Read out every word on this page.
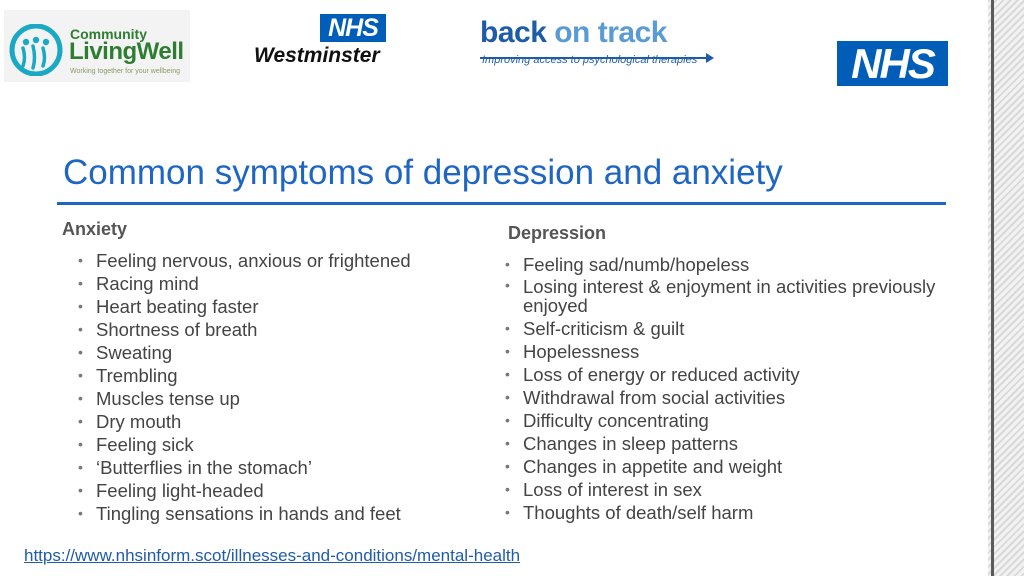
Community
LivingWell
Working together for your wellbeing
NHS
Westminster
back on track
Improving access to psychological therapies	NHS
Common symptoms of depression and anxiety
Anxiety
• Feeling nervous, anxious or frightened
• Racing mind
• Heart beating faster
• Shortness of breath
• Sweating
• Trembling
• Muscles tense up
• Dry mouth
• Feeling sick
• ‘Butterflies in the stomach’
• Feeling light-headed
• Tingling sensations in hands and feet
Depression
• Feeling sad/numb/hopeless
• Losing interest & enjoyment in activities previously enjoyed
• Self-criticism & guilt
• Hopelessness
• Loss of energy or reduced activity
• Withdrawal from social activities
• Difficulty concentrating
• Changes in sleep patterns
• Changes in appetite and weight
• Loss of interest in sex
• Thoughts of death/self harm
https://www.nhsinform.scot/illnesses-and-conditions/mental-health
